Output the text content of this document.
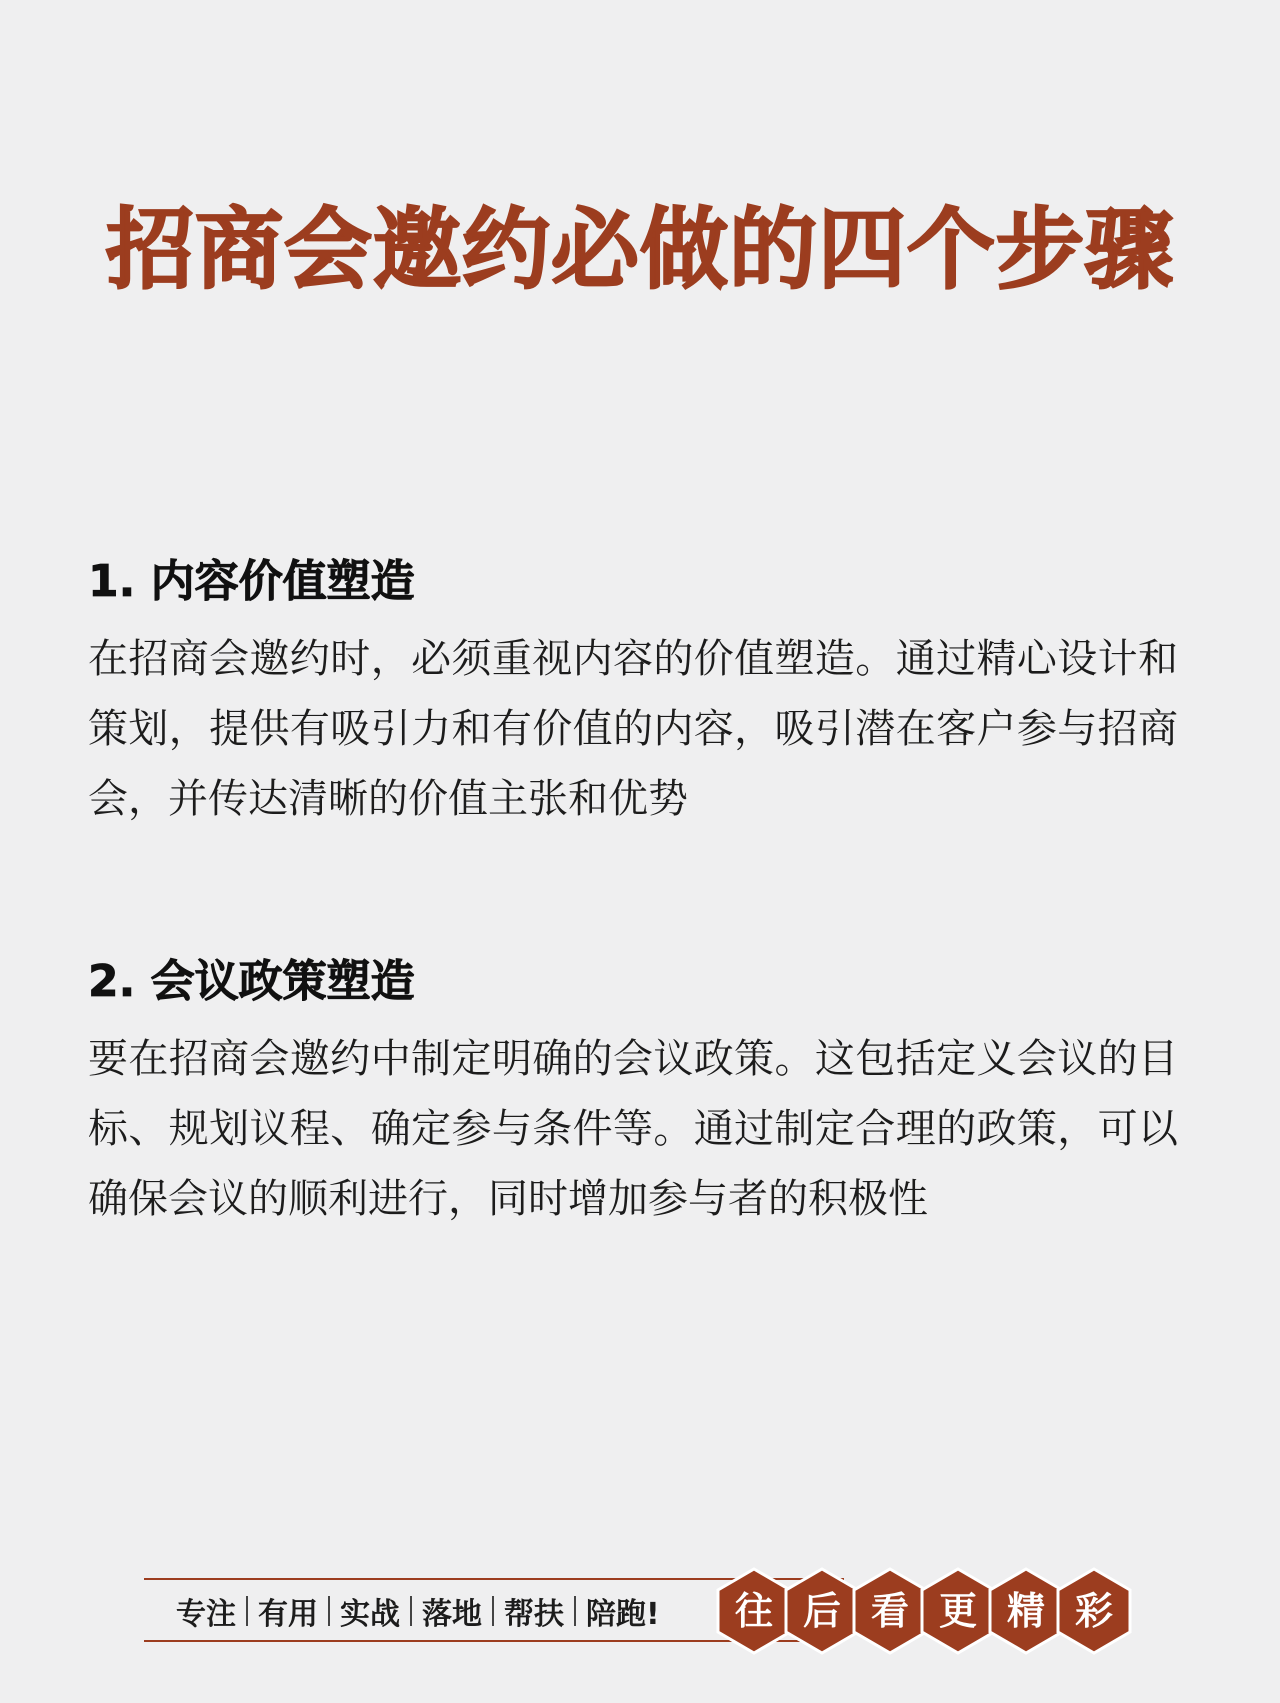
招商会邀约必做的四个步骤
1. 内容价值塑造

在招商会邀约时，必须重视内容的价值塑造。通过精心设计和策划，提供有吸引力和有价值的内容，吸引潜在客户参与招商会，并传达清晰的价值主张和优势

2. 会议政策塑造

要在招商会邀约中制定明确的会议政策。这包括定义会议的目标、规划议程、确定参与条件等。通过制定合理的政策，可以确保会议的顺利进行，同时增加参与者的积极性

专注 有用 实战 落地 帮扶 陪跑!	往 后 看 更 精 彩
